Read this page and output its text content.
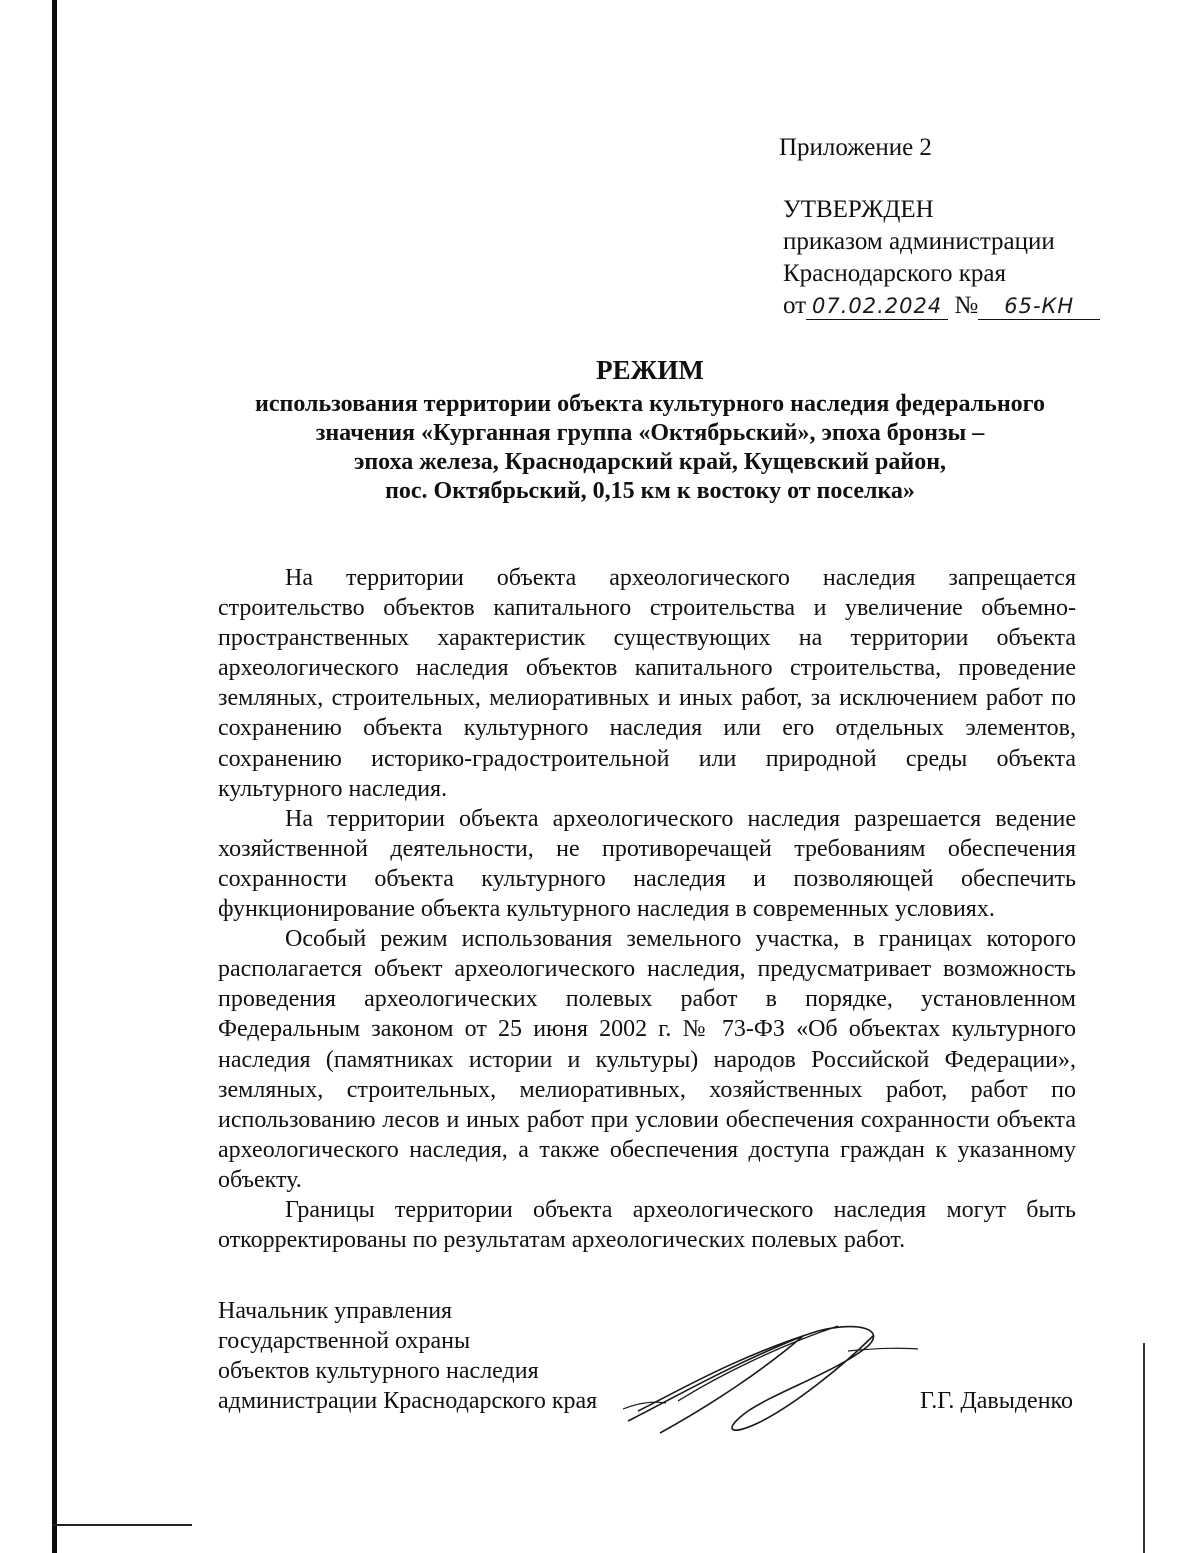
Приложение 2
УТВЕРЖДЕН
приказом администрации
Краснодарского края
от 07.02.2024 № 65-КН
РЕЖИМ
использования территории объекта культурного наследия федерального
значения «Курганная группа «Октябрьский», эпоха бронзы –
эпоха железа, Краснодарский край, Кущевский район,
пос. Октябрьский, 0,15 км к востоку от поселка»

На территории объекта археологического наследия запрещается строительство объектов капитального строительства и увеличение объемно-пространственных характеристик существующих на территории объекта археологического наследия объектов капитального строительства, проведение земляных, строительных, мелиоративных и иных работ, за исключением работ по сохранению объекта культурного наследия или его отдельных элементов, сохранению историко-градостроительной или природной среды объекта культурного наследия.

На территории объекта археологического наследия разрешается ведение хозяйственной деятельности, не противоречащей требованиям обеспечения сохранности объекта культурного наследия и позволяющей обеспечить функционирование объекта культурного наследия в современных условиях.

Особый режим использования земельного участка, в границах которого располагается объект археологического наследия, предусматривает возможность проведения археологических полевых работ в порядке, установленном Федеральным законом от 25 июня 2002 г. № 73-ФЗ «Об объектах культурного наследия (памятниках истории и культуры) народов Российской Федерации», земляных, строительных, мелиоративных, хозяйственных работ, работ по использованию лесов и иных работ при условии обеспечения сохранности объекта археологического наследия, а также обеспечения доступа граждан к указанному объекту.

Границы территории объекта археологического наследия могут быть откорректированы по результатам археологических полевых работ.

Начальник управления
государственной охраны
объектов культурного наследия
администрации Краснодарского края	Г.Г. Давыденко
